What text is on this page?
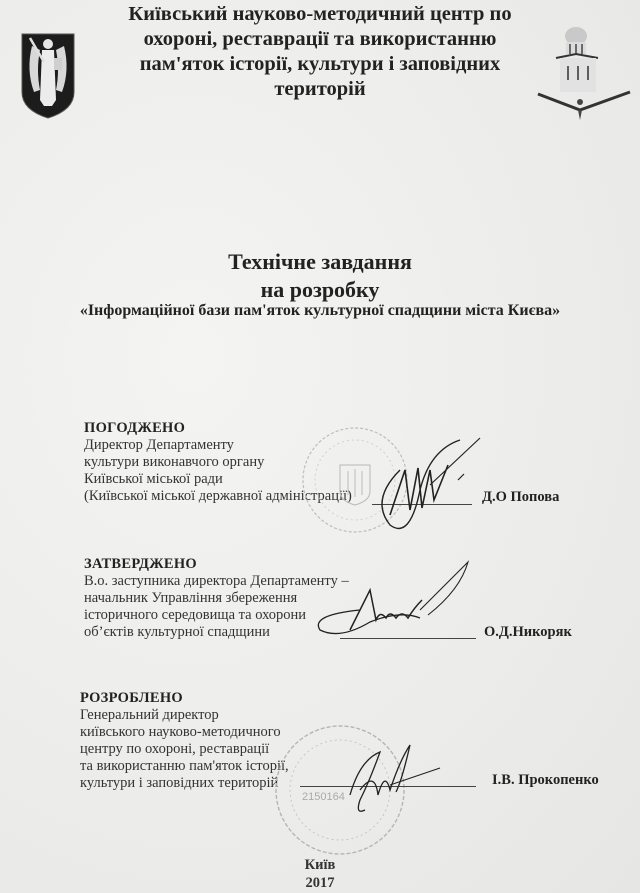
Київський науково-методичний центр по
охороні, реставрації та використанню
пам'яток історії, культури і заповідних
територій
Технічне завдання
на розробку
«Інформаційної бази пам'яток культурної спадщини міста Києва»
ПОГОДЖЕНО
Директор Департаменту
культури виконавчого органу
Київської міської ради
(Київської міської державної адміністрації)	Д.О Попова
ЗАТВЕРДЖЕНО
В.о. заступника директора Департаменту –
начальник Управління збереження
історичного середовища та охорони
об’єктів культурної спадщини	О.Д.Никоряк
РОЗРОБЛЕНО
Генеральний директор
київського науково-методичного
центру по охороні, реставрації
та використанню пам'яток історії,
культури і заповідних територій
2150164
І.В. Прокопенко
Київ
2017
